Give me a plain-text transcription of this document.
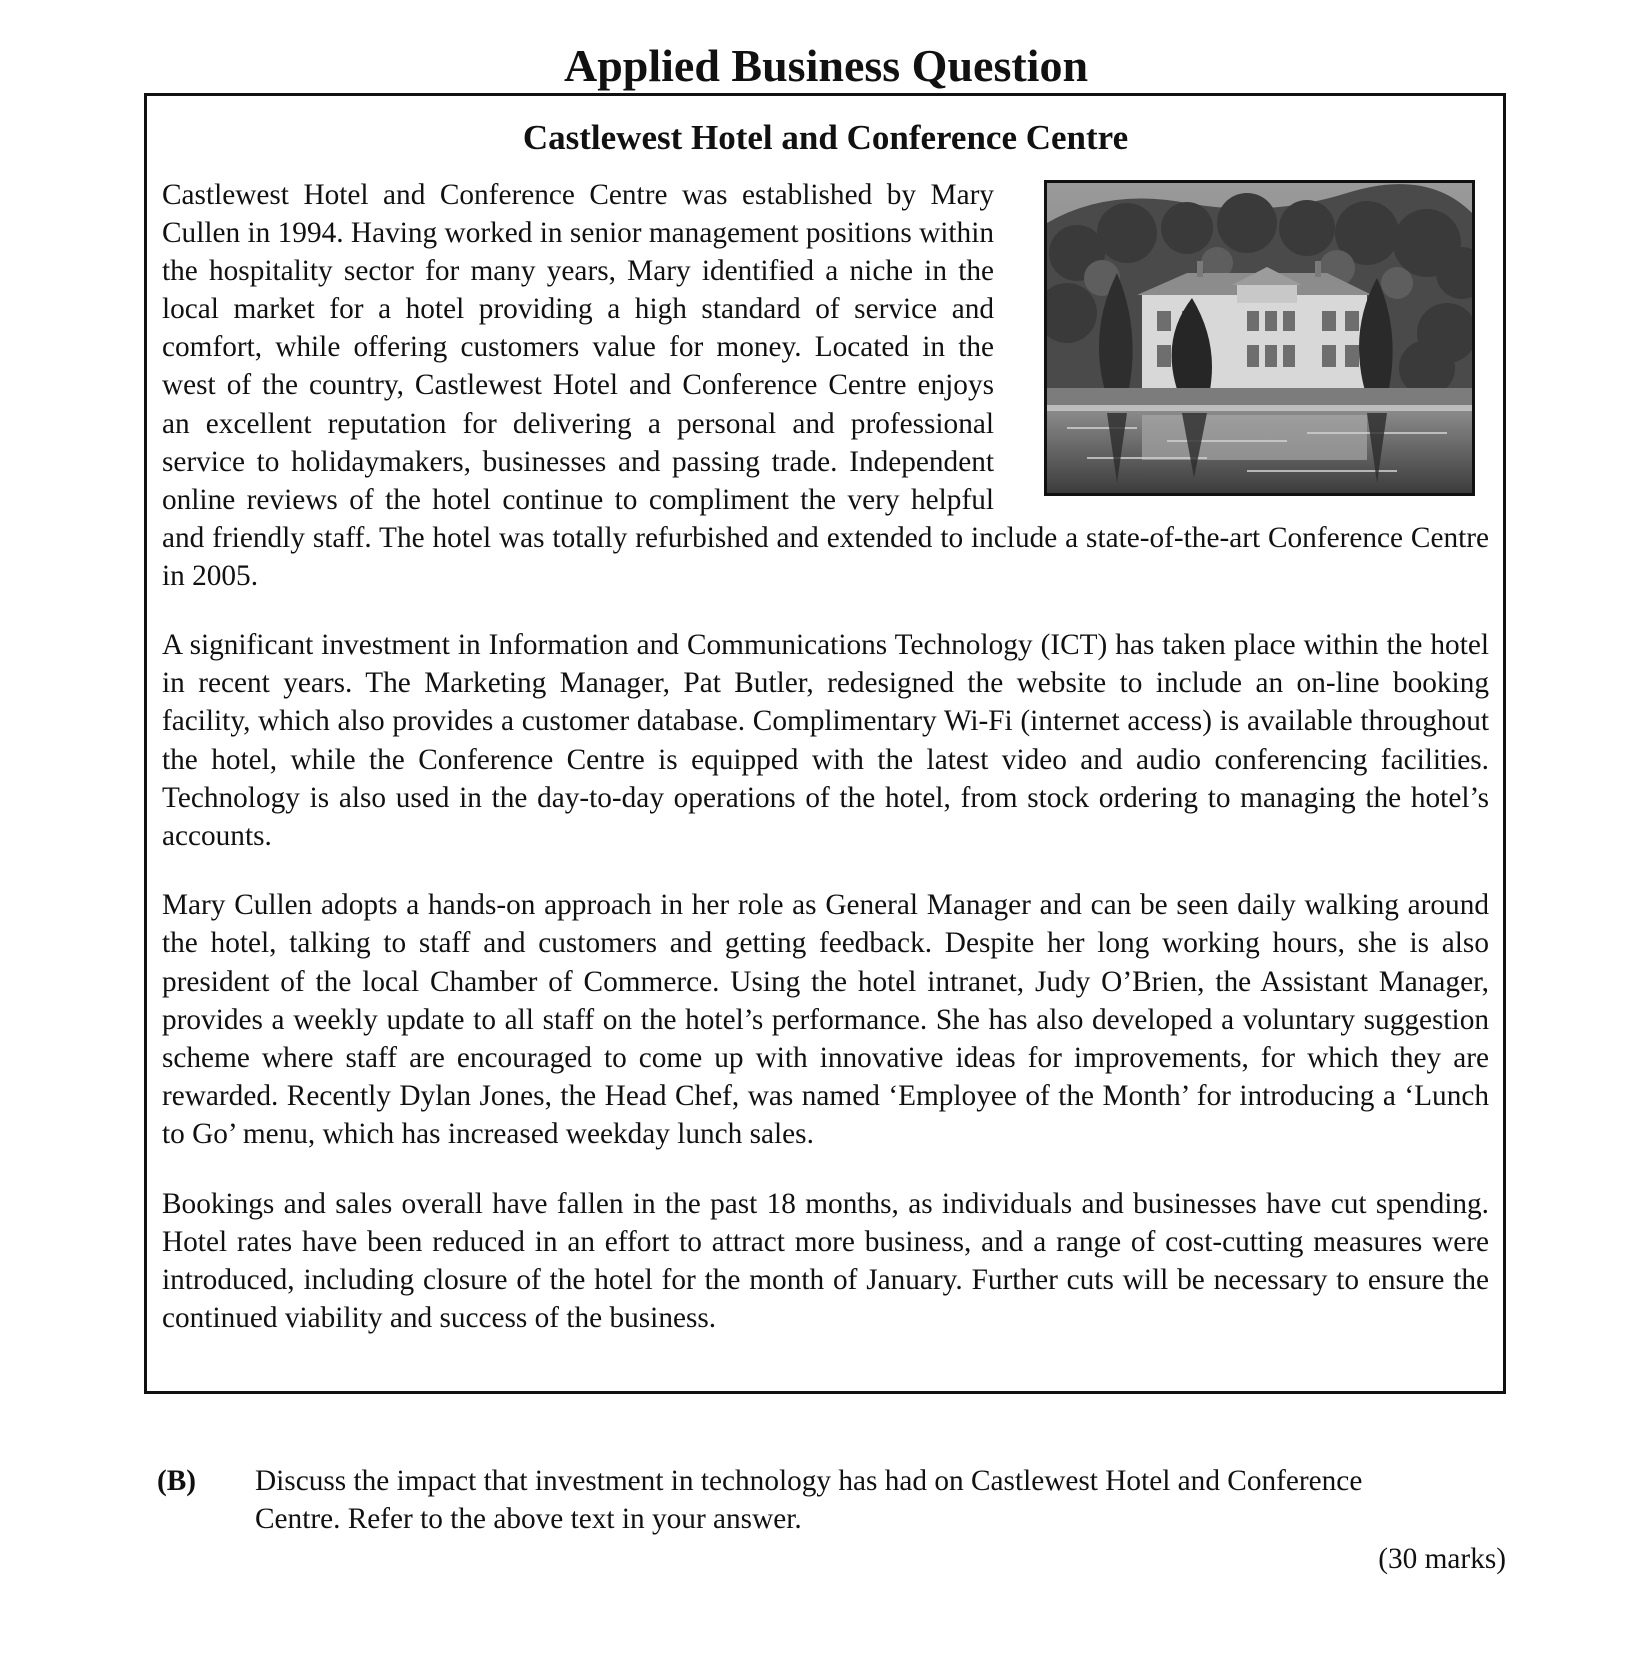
Applied Business Question
Castlewest Hotel and Conference Centre

Castlewest Hotel and Conference Centre was established by Mary Cullen in 1994. Having worked in senior management positions within the hospitality sector for many years, Mary identified a niche in the local market for a hotel providing a high standard of service and comfort, while offering customers value for money. Located in the west of the country, Castlewest Hotel and Conference Centre enjoys an excellent reputation for delivering a personal and professional service to holidaymakers, businesses and passing trade. Independent online reviews of the hotel continue to compliment the very helpful and friendly staff. The hotel was totally refurbished and extended to include a state-of-the-art Conference Centre in 2005.

A significant investment in Information and Communications Technology (ICT) has taken place within the hotel in recent years. The Marketing Manager, Pat Butler, redesigned the website to include an on-line booking facility, which also provides a customer database. Complimentary Wi-Fi (internet access) is available throughout the hotel, while the Conference Centre is equipped with the latest video and audio conferencing facilities. Technology is also used in the day-to-day operations of the hotel, from stock ordering to managing the hotel’s accounts.

Mary Cullen adopts a hands-on approach in her role as General Manager and can be seen daily walking around the hotel, talking to staff and customers and getting feedback. Despite her long working hours, she is also president of the local Chamber of Commerce. Using the hotel intranet, Judy O’Brien, the Assistant Manager, provides a weekly update to all staff on the hotel’s performance. She has also developed a voluntary suggestion scheme where staff are encouraged to come up with innovative ideas for improvements, for which they are rewarded. Recently Dylan Jones, the Head Chef, was named ‘Employee of the Month’ for introducing a ‘Lunch to Go’ menu, which has increased weekday lunch sales.

Bookings and sales overall have fallen in the past 18 months, as individuals and businesses have cut spending. Hotel rates have been reduced in an effort to attract more business, and a range of cost-cutting measures were introduced, including closure of the hotel for the month of January. Further cuts will be necessary to ensure the continued viability and success of the business.

(B) Discuss the impact that investment in technology has had on Castlewest Hotel and Conference Centre. Refer to the above text in your answer.
(30 marks)
